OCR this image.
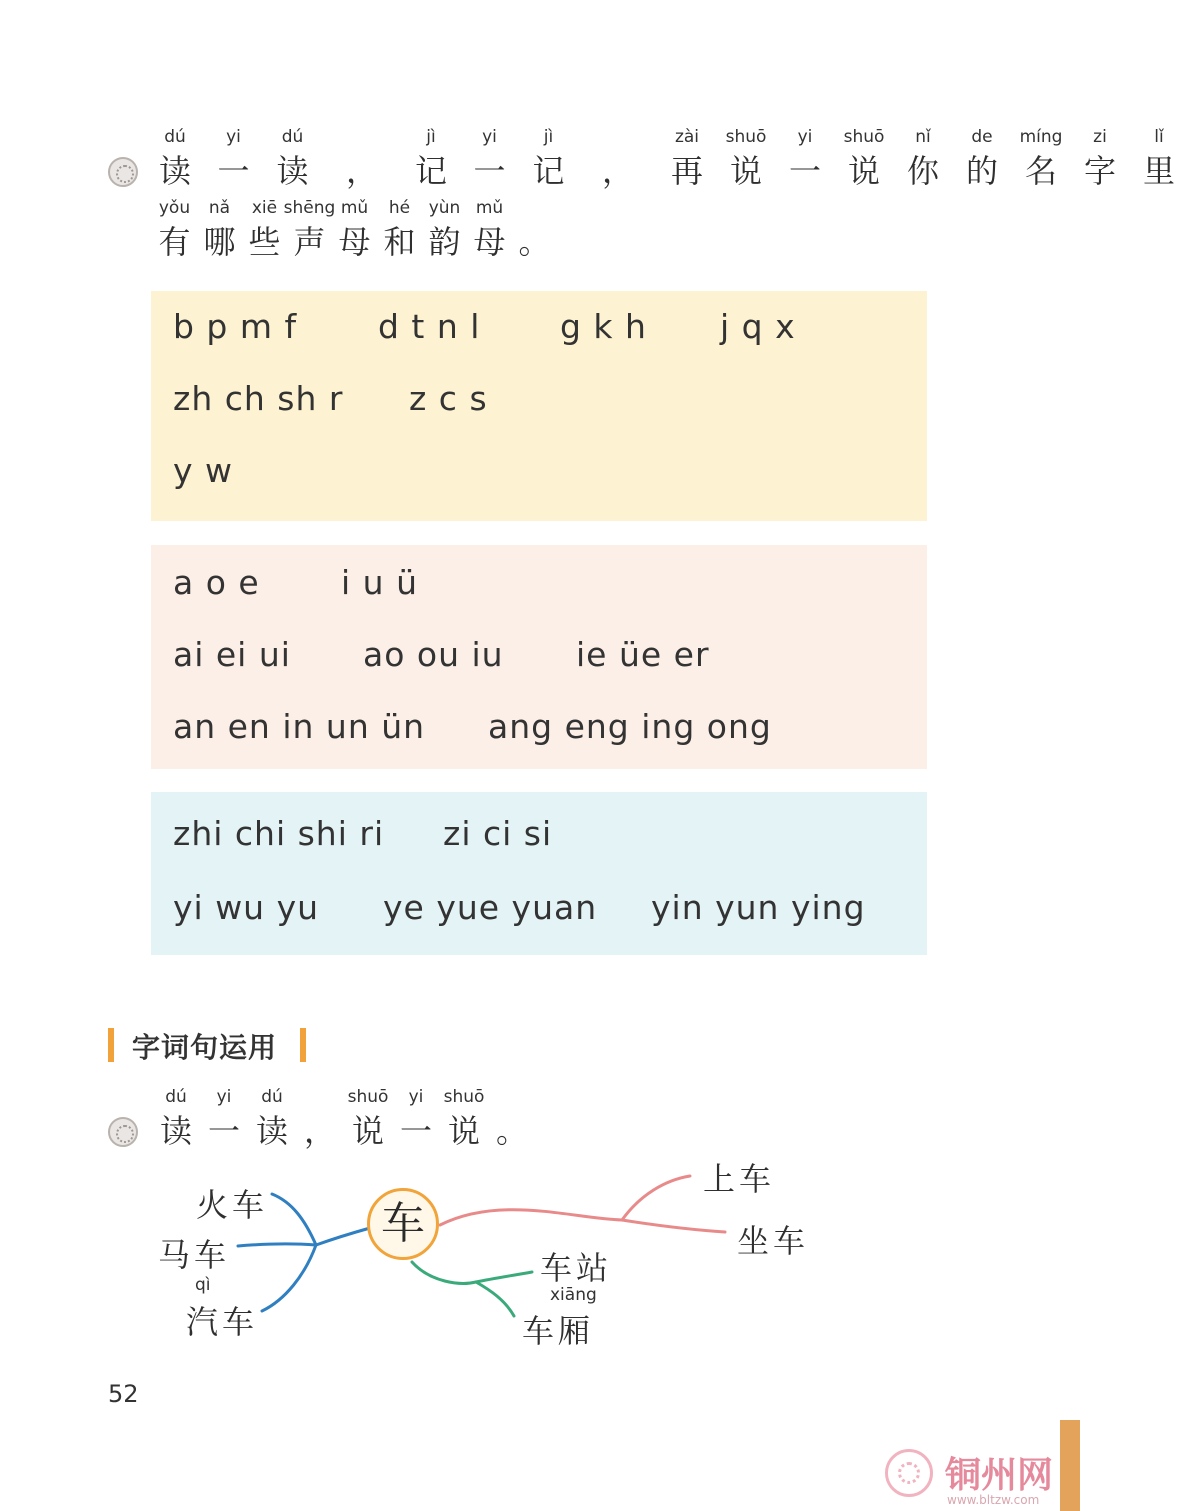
读
dú
一
yi
读
dú
， 记
jì
一
yi
记
jì
， 再
zài
说
shuō
一
yi
说
shuō
你
nǐ
的
de
名
míng
字
zi
里
lǐ
有
yǒu
哪
nǎ
些
xiē
声
shēng
母
mǔ
和
hé
韵
yùn
母
mǔ
。
b p m f d t n l g k h j q x
zh ch sh r z c s
y w
a o e i u ü
ai ei ui ao ou iu ie üe er
an en in un ün ang eng ing ong
zhi chi shi ri zi ci si
yi wu yu ye yue yuan yin yun ying
字词句运用
读
dú
一
yi
读
dú
， 说
shuō
一
yi
说
shuō
。
车
火车
马车
qì
汽车
上车
坐车
车站
xiāng
车厢
52
铜州网
www.bltzw.com
